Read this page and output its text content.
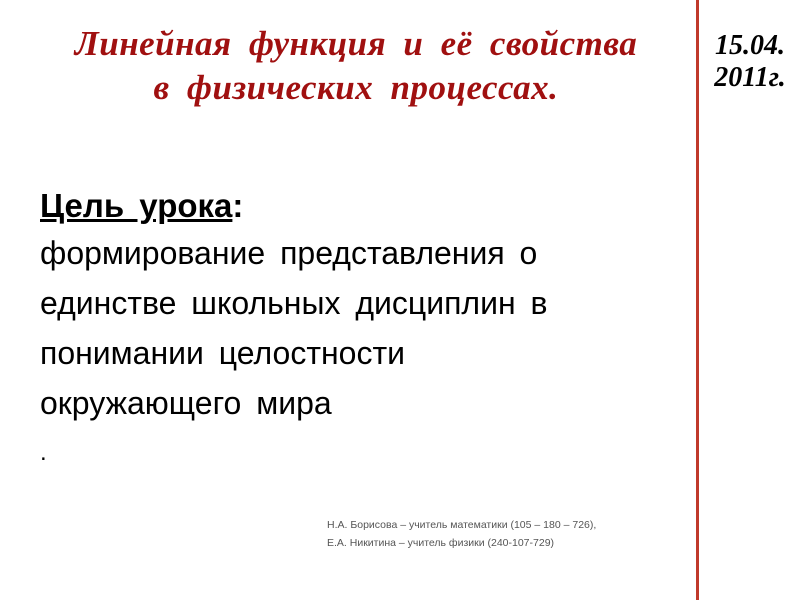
Линейная функция и её свойства
в физических процессах.
15.04.
2011г.

Цель урока:

формирование представления о
единстве школьных дисциплин в
понимании целостности
окружающего мира
.

Н.А. Борисова – учитель математики (105 – 180 – 726),
Е.А. Никитина – учитель физики (240-107-729)
